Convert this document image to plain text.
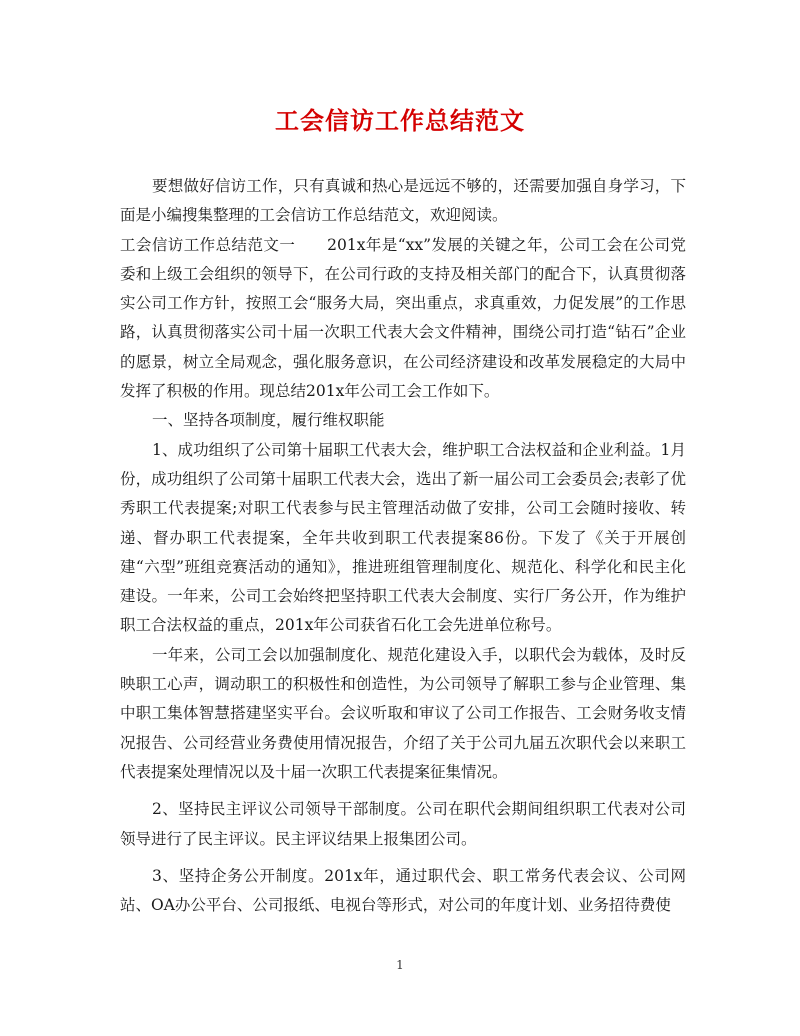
工会信访工作总结范文

要想做好信访工作，只有真诚和热心是远远不够的，还需要加强自身学习，下面是小编搜集整理的工会信访工作总结范文，欢迎阅读。

工会信访工作总结范文一　　201x年是“xx”发展的关键之年，公司工会在公司党委和上级工会组织的领导下，在公司行政的支持及相关部门的配合下，认真贯彻落实公司工作方针，按照工会“服务大局，突出重点，求真重效，力促发展”的工作思路，认真贯彻落实公司十届一次职工代表大会文件精神，围绕公司打造“钻石”企业的愿景，树立全局观念，强化服务意识，在公司经济建设和改革发展稳定的大局中发挥了积极的作用。现总结201x年公司工会工作如下。

一、坚持各项制度，履行维权职能

1、成功组织了公司第十届职工代表大会，维护职工合法权益和企业利益。1月份，成功组织了公司第十届职工代表大会，选出了新一届公司工会委员会;表彰了优秀职工代表提案;对职工代表参与民主管理活动做了安排，公司工会随时接收、转递、督办职工代表提案，全年共收到职工代表提案86份。下发了《关于开展创建“六型”班组竞赛活动的通知》，推进班组管理制度化、规范化、科学化和民主化建设。一年来，公司工会始终把坚持职工代表大会制度、实行厂务公开，作为维护职工合法权益的重点，201x年公司获省石化工会先进单位称号。

一年来，公司工会以加强制度化、规范化建设入手，以职代会为载体，及时反映职工心声，调动职工的积极性和创造性，为公司领导了解职工参与企业管理、集中职工集体智慧搭建坚实平台。会议听取和审议了公司工作报告、工会财务收支情况报告、公司经营业务费使用情况报告，介绍了关于公司九届五次职代会以来职工代表提案处理情况以及十届一次职工代表提案征集情况。

2、坚持民主评议公司领导干部制度。公司在职代会期间组织职工代表对公司领导进行了民主评议。民主评议结果上报集团公司。

3、坚持企务公开制度。201x年，通过职代会、职工常务代表会议、公司网站、OA办公平台、公司报纸、电视台等形式，对公司的年度计划、业务招待费使

1
